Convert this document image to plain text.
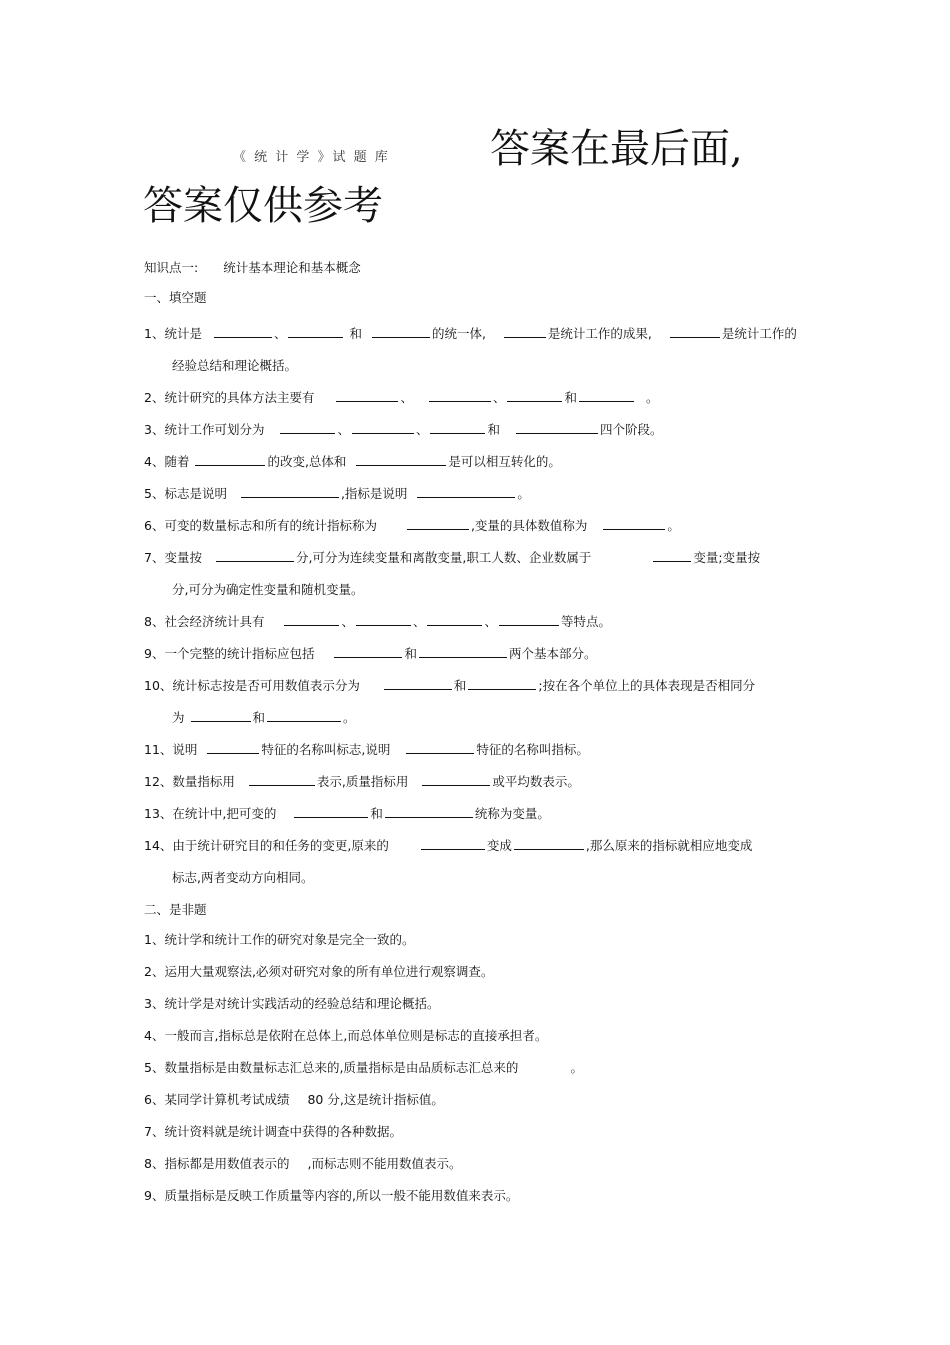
《 统 计 学 》试 题 库	答案在最后面,
答案仅供参考
知识点一:　　统计基本理论和基本概念
一、填空题
1、统计是	、	和	的统一体,	是统计工作的成果,	是统计工作的
经验总结和理论概括。
2、统计研究的具体方法主要有	、	、	和	。
3、统计工作可划分为	、	、	和	四个阶段。
4、随着	的改变,总体和	是可以相互转化的。
5、标志是说明	,指标是说明	。
6、可变的数量标志和所有的统计指标称为	,变量的具体数值称为	。
7、变量按	分,可分为连续变量和离散变量,职工人数、企业数属于	变量;变量按
分,可分为确定性变量和随机变量。
8、社会经济统计具有	、	、	、	等特点。
9、一个完整的统计指标应包括	和	两个基本部分。
10、统计标志按是否可用数值表示分为	和	;按在各个单位上的具体表现是否相同分
为	和	。
11、说明	特征的名称叫标志,说明	特征的名称叫指标。
12、数量指标用	表示,质量指标用	或平均数表示。
13、在统计中,把可变的	和	统称为变量。
14、由于统计研究目的和任务的变更,原来的	变成	,那么原来的指标就相应地变成
标志,两者变动方向相同。
二、是非题
1、统计学和统计工作的研究对象是完全一致的。
2、运用大量观察法,必须对研究对象的所有单位进行观察调查。
3、统计学是对统计实践活动的经验总结和理论概括。
4、一般而言,指标总是依附在总体上,而总体单位则是标志的直接承担者。
5、数量指标是由数量标志汇总来的,质量指标是由品质标志汇总来的	。
6、某同学计算机考试成绩 80 分,这是统计指标值。
7、统计资料就是统计调查中获得的各种数据。
8、指标都是用数值表示的 ,而标志则不能用数值表示。
9、质量指标是反映工作质量等内容的,所以一般不能用数值来表示。
